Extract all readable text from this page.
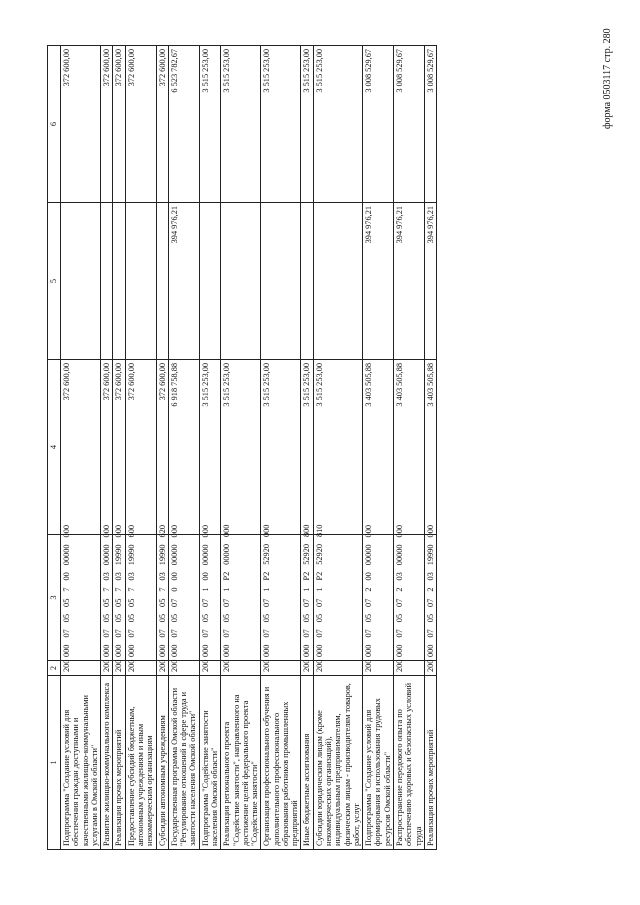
форма 0503117 стр. 280
1	2	3	4	5	6
Подпрограмма "Создание условий для обеспечения граждан доступными и качественными жилищно-коммунальными услугами в Омской области"	200	00007050570000000000	372 600,00		372 600,00
Развитие жилищно-коммунального комплекса	200	00007050570300000000	372 600,00		372 600,00
Реализация прочих мероприятий	200	00007050570319990000	372 600,00		372 600,00
Предоставление субсидий бюджетным, автономным учреждениям и иным некоммерческим организациям	200	00007050570319990600	372 600,00		372 600,00
Субсидии автономным учреждениям	200	00007050570319990620	372 600,00		372 600,00
Государственная программа Омской области "Регулирование отношений в сфере труда и занятости населения Омской области"	200	00007050700000000000	6 918 758,88	394 976,21	6 523 782,67
Подпрограмма "Содействие занятости населения Омской области"	200	00007050710000000000	3 515 253,00		3 515 253,00
Реализация регионального проекта "Содействие занятости", направленного на достижение целей федерального проекта "Содействие занятости"	200	0000705071P200000000	3 515 253,00		3 515 253,00
Организация профессионального обучения и дополнительного профессионального образования работников промышленных предприятий	200	0000705071P252920000	3 515 253,00		3 515 253,00
Иные бюджетные ассигнования	200	0000705071P252920800	3 515 253,00		3 515 253,00
Субсидии юридическим лицам (кроме некоммерческих организаций), индивидуальным предпринимателям, физическим лицам - производителям товаров, работ, услуг	200	0000705071P252920810	3 515 253,00		3 515 253,00
Подпрограмма "Создание условий для формирования и использования трудовых ресурсов Омской области"	200	00007050720000000000	3 403 505,88	394 976,21	3 008 529,67
Распространение передового опыта по обеспечению здоровых и безопасных условий труда	200	00007050720300000000	3 403 505,88	394 976,21	3 008 529,67
Реализация прочих мероприятий	200	00007050720319990000	3 403 505,88	394 976,21	3 008 529,67
